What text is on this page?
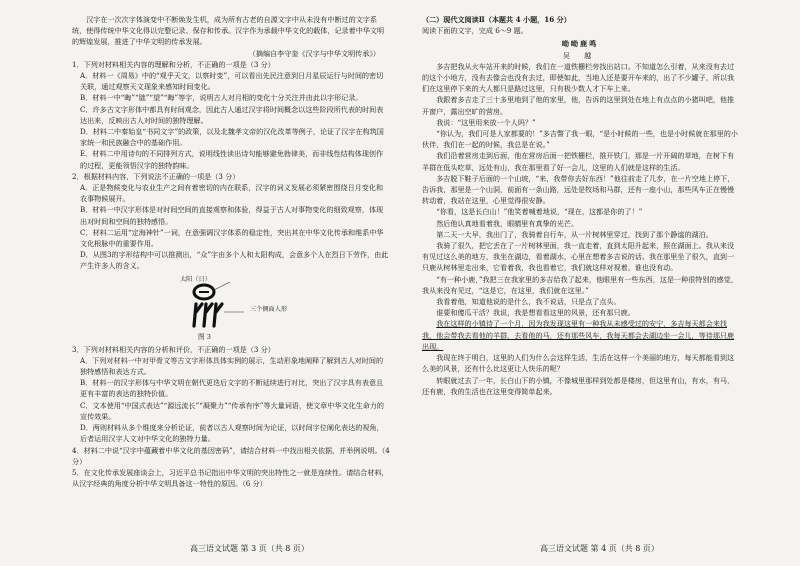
汉字在一次次字体演变中不断焕发生机，成为所有古老的自源文字中从未没有中断过的文字系统，使得传统中华文化得以完整记录、保存和传承。汉字作为承载中华文化的载体，记录着中华文明的辉煌发展，推进了中华文明的传承发展。

（摘编自李守奎《汉字与中华文明传承》）

1．下列对材料相关内容的理解和分析，不正确的一项是（3 分）

A．材料一《周易》中的“观乎天文，以察时变”，可以看出先民注意到日月星辰运行与时间的密切关联，通过观察天文现象来感知时间变化。

B．材料一中“晦”“朏”“望”“晦”等字，说明古人对月相的变化十分关注并由此以字形记录。

C．许多古文字形体中都具有时间观念，因此古人通过汉字将时间概念以这些阶段所代表的时间表达出来，反映出古人对时间的独特理解。

D．材料二中秦始皇“书同文字”的政策，以及北魏孝文帝的汉化改革等例子，论证了汉字在构筑国家统一和民族融合中的基础作用。

E．材料二中用诗句的不同排列方式，说明线性读出诗句能够避免勃律美，而非线性结构体现创作的过程，更能领悟汉字的独特韵味。

2．根据材料内容，下列说法不正确的一项是（3 分）

A．正是物候变化与农业生产之间有着密切的内在联系，汉字的词义发展必须紧密围绕日月变化和农事物候展开。

B．材料一中汉字形体是对时间空间的直接观察和体验，得益于古人对事物变化的细致观察，体现出对时间和空间的独特感悟。

C．材料二运用“定海神针”一词，在意强调汉字体系的稳定性，突出其在中华文化传承和维系中华文化根脉中的重要作用。

D．从图3的字形结构中可以推测出，“众”字由多个人和太阳构成，会意多个人在烈日下劳作，由此产生许多人的含义。

太阳（日）
三个侧面人形
图 3

3．下列对材料相关内容的分析和评价，不正确的一项是（3 分）

A．下列对材料一中对甲骨文等古文字形体具体实例的展示，生动形象地阐释了解到古人对时间的独特感悟和表达方式。

B．材料一的汉字形体与中华文明在朝代更迭后文字的不断延续进行对比，突出了汉字具有表意且更有丰富的表达的独特价值。

C．文本使用“中国式表达”“源远流长”“凝聚力”“传承有序”等大量词语，使文章中华文化生命力的宣传效果。

D．两则材料从多个维度来分析论证，前者以古人观察时间为论证，以时间字位阐化表达的视角，后者运用汉字人文对中华文化的独特力量。

4．材料二中说“汉字中蕴藏着中华文化的基因密码”，请结合材料一中找出相关依据，并举例说明。（4 分）

5．在文化传承发展座谈会上，习近平总书记指出中华文明的突出特性之一就是连续性。请结合材料，从汉字经典的角度分析中华文明具备这一特性的原因。（6 分）

（二）现代文阅读Ⅱ（本题共 4 小题，16 分）

阅读下面的文字，完成 6～9 题。

呦呦鹿鸣

吴 越

多吉把我从火车站开来的时候，我们在一道铁栅栏旁找出站口。不知道怎么引着，从来没有去过的这个小地方，没有去像会也没有去过，即使如此，当地人还是要开车来的，出了不少罐子，所以我们在这里停下来的大人都只是路过这里，只有极少数人才下车上来。

我跟着多吉走了三十多里地到了他的家里，他，告诉的这里到处在地上有点点的小猪叫吧，他推开窗户，露出空旷的营房。

我说：“这里用来放一个人吗？”

“你认为，我们可是人家都要的！”多吉瞥了我一眼，“是小时候的一些，也是小时候就在那里的小伙伴，我们在一起的时候，我总是在说。”

我们沿着营房走到后面，他在营房后面一把铁栅栏，推开铁门，那是一片开阔的草地，在树下有羊群在低头吃草，远处有山，我在那里看了好一会儿，这里的人们就是这样的生活。

多吉脱下鞋子后面的一个山坡，“来，我带你去好东西！”他往前走了几步，在一片空地上停下，告诉我，那里是一个山洞，前面有一条山路，远处是牧场和马群，还有一座小山，那些风车正在慢慢转动着，我站在这里，心里觉得很安静。

“你看，这是长白山！”他笑着喊着地说，“现在，这都是你的了！”

然后他认真地看着我，眼睛里有真挚的光芒。

第二天一大早，我出门了，我骑着自行车，从一片树林里穿过，找到了那个静谧的湖泊。

我骑了很久，把它丢在了一片树林里面，我一直走着，直到太阳升起来，照在湖面上。我从来没有见过这么美的地方，我坐在湖边，看着湖水，心里在想着多吉说的话。我在那里坐了很久，直到一只鹿从树林里走出来，它看着我，我也看着它，我们就这样对视着，谁也没有动。

“有一种小鹿，”我把三在我家里的多吉给我了起来，他眼里有一些东西，这是一种很特别的感觉，我从来没有见过，“这是它，在这里，我们就在这里。”

我看着他，知道他说的是什么，我不说话，只是点了点头。

谁要和傻瓜干活？我说，我是想看看这里的风景，还有那只鹿。

我在这样的小镇待了一个月，因为我发现这里有一种我从未感受过的安宁，多吉每天都会来找我，他会带我去看他的羊群，去看他的马，还有那些风车，我每天都会去湖边坐一会儿，等待那只鹿出现。

我现在终于明白，这里的人们为什么会这样生活，生活在这样一个美丽的地方，每天都能看到这么美的风景，还有什么比这更让人快乐的呢？

转眼就过去了一年，长白山下的小镇，不像城里那样到处都是楼房，但这里有山，有水，有马，还有鹿，我的生活也在这里变得简单起来。

高三语文试题 第 3 页（共 8 页）	高三语文试题 第 4 页（共 8 页）
